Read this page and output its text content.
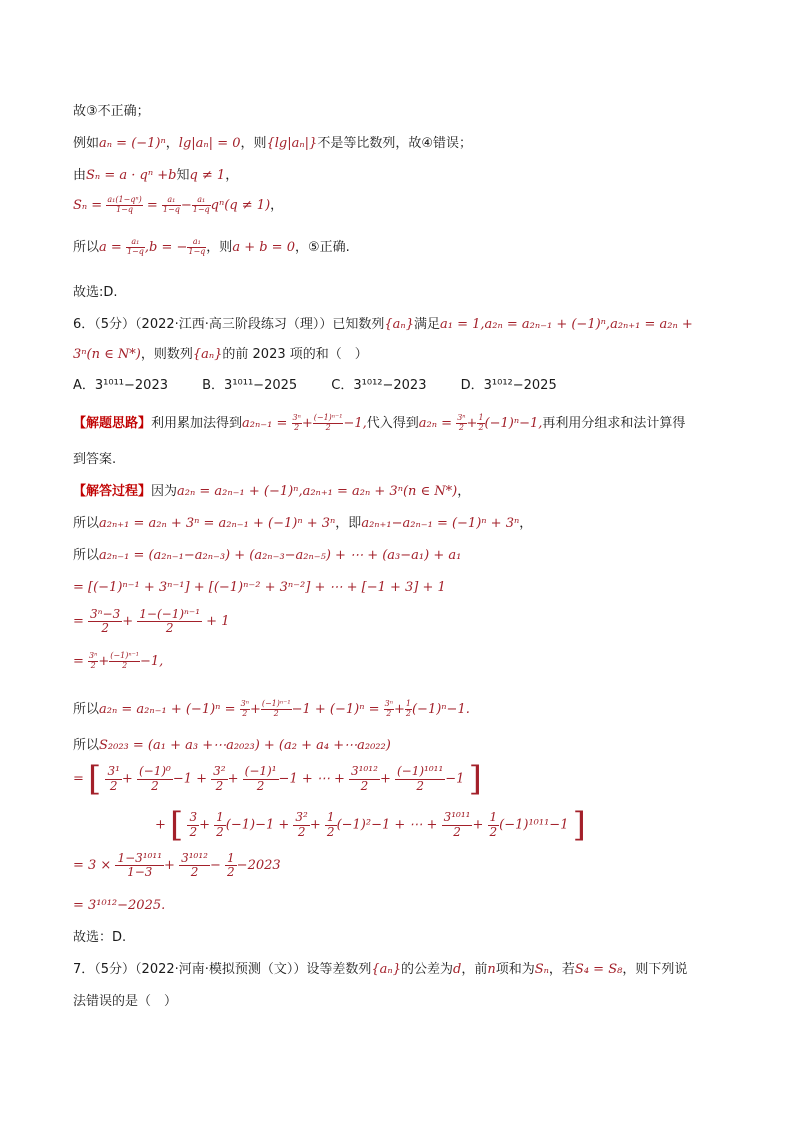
故③不正确；
例如aₙ = (−1)ⁿ，lg|aₙ| = 0，则{lg|aₙ|}不是等比数列，故④错误；
由Sₙ = a · qⁿ +b知q ≠ 1，
$S_n = \frac{\text{a₁(1−qⁿ)}}{1-q} = \frac{\text{a₁}}{1-q} - \frac{\text{a₁}}{1-q} q^n(q \ne 1)$，
所以$a = \frac{\text{a₁}}{1-q} ,b$ = − $\frac{\text{a₁}}{1-q}$ ，则a + b = 0，⑤正确.
故选:D.
6．（5分）（2022·江西·高三阶段练习（理））已知数列{aₙ}满足a₁ = 1,a₂ₙ = a₂ₙ₋₁ + (−1)ⁿ,a₂ₙ₊₁ = a₂ₙ +
3ⁿ(n ∈ N*)，则数列{aₙ}的前 2023 项的和（　）
A．3¹⁰¹¹−2023	B．3¹⁰¹¹−2025	C．3¹⁰¹²−2023	D．3¹⁰¹²−2025
【解题思路】利用累加法得到$a_{2n-1} = \frac{\text{3ⁿ}}{2} + \frac{\text{(−1)ⁿ⁻¹}}{2} -1$,代入得到$a_{2n} = \frac{\text{3ⁿ}}{2} + \frac{1}{2} (-1)^n-1$,再利用分组求和法计算得
到答案.
【解答过程】因为a₂ₙ = a₂ₙ₋₁ + (−1)ⁿ,a₂ₙ₊₁ = a₂ₙ + 3ⁿ(n ∈ N*)，
所以a₂ₙ₊₁ = a₂ₙ + 3ⁿ = a₂ₙ₋₁ + (−1)ⁿ + 3ⁿ，即a₂ₙ₊₁−a₂ₙ₋₁ = (−1)ⁿ + 3ⁿ，
所以a₂ₙ₋₁ = (a₂ₙ₋₁−a₂ₙ₋₃) + (a₂ₙ₋₃−a₂ₙ₋₅) + ⋯ + (a₃−a₁) + a₁
= [(−1)ⁿ⁻¹ + 3ⁿ⁻¹] + [(−1)ⁿ⁻² + 3ⁿ⁻²] + ⋯ + [−1 + 3] + 1
= $\frac{\text{3ⁿ−3}}{2} + \frac{\text{1−(−1)ⁿ⁻¹}}{2} + 1$
= $\frac{\text{3ⁿ}}{2} + \frac{\text{(−1)ⁿ⁻¹}}{2} -1$,
所以$a_{2n} = a_{2n-1} + (-1)^n = \frac{\text{3ⁿ}}{2} + \frac{\text{(−1)ⁿ⁻¹}}{2} -1 + (-1)^n = \frac{\text{3ⁿ}}{2} + \frac{1}{2} (-1)^n-1$.
所以S₂₀₂₃ = (a₁ + a₃ +⋯a₂₀₂₃) + (a₂ + a₄ +⋯a₂₀₂₂)
= [ $\frac{\text{3¹}}{2} + \frac{\text{(−1)⁰}}{2} -1 + \frac{\text{3²}}{2} + \frac{\text{(−1)¹}}{2} -1$ + ⋯ + $\frac{\text{3¹⁰¹²}}{2} + \frac{\text{(−1)¹⁰¹¹}}{2} -1$ ]
+ [ $\frac{3}{2} + \frac{1}{2} (-1)-1 + \frac{\text{3²}}{2} + \frac{1}{2} (-1)^2-1$ + ⋯ + $\frac{\text{3¹⁰¹¹}}{2} + \frac{1}{2} (-1)^{1011}-1$ ]
= $3 \times \frac{\text{1−3¹⁰¹¹}}{1-3} + \frac{\text{3¹⁰¹²}}{2} - \frac{1}{2} -2023$
= 3¹⁰¹²−2025.
故选：D.
7．（5分）（2022·河南·模拟预测（文））设等差数列{aₙ}的公差为d，前n项和为Sₙ，若S₄ = S₈，则下列说
法错误的是（　）
